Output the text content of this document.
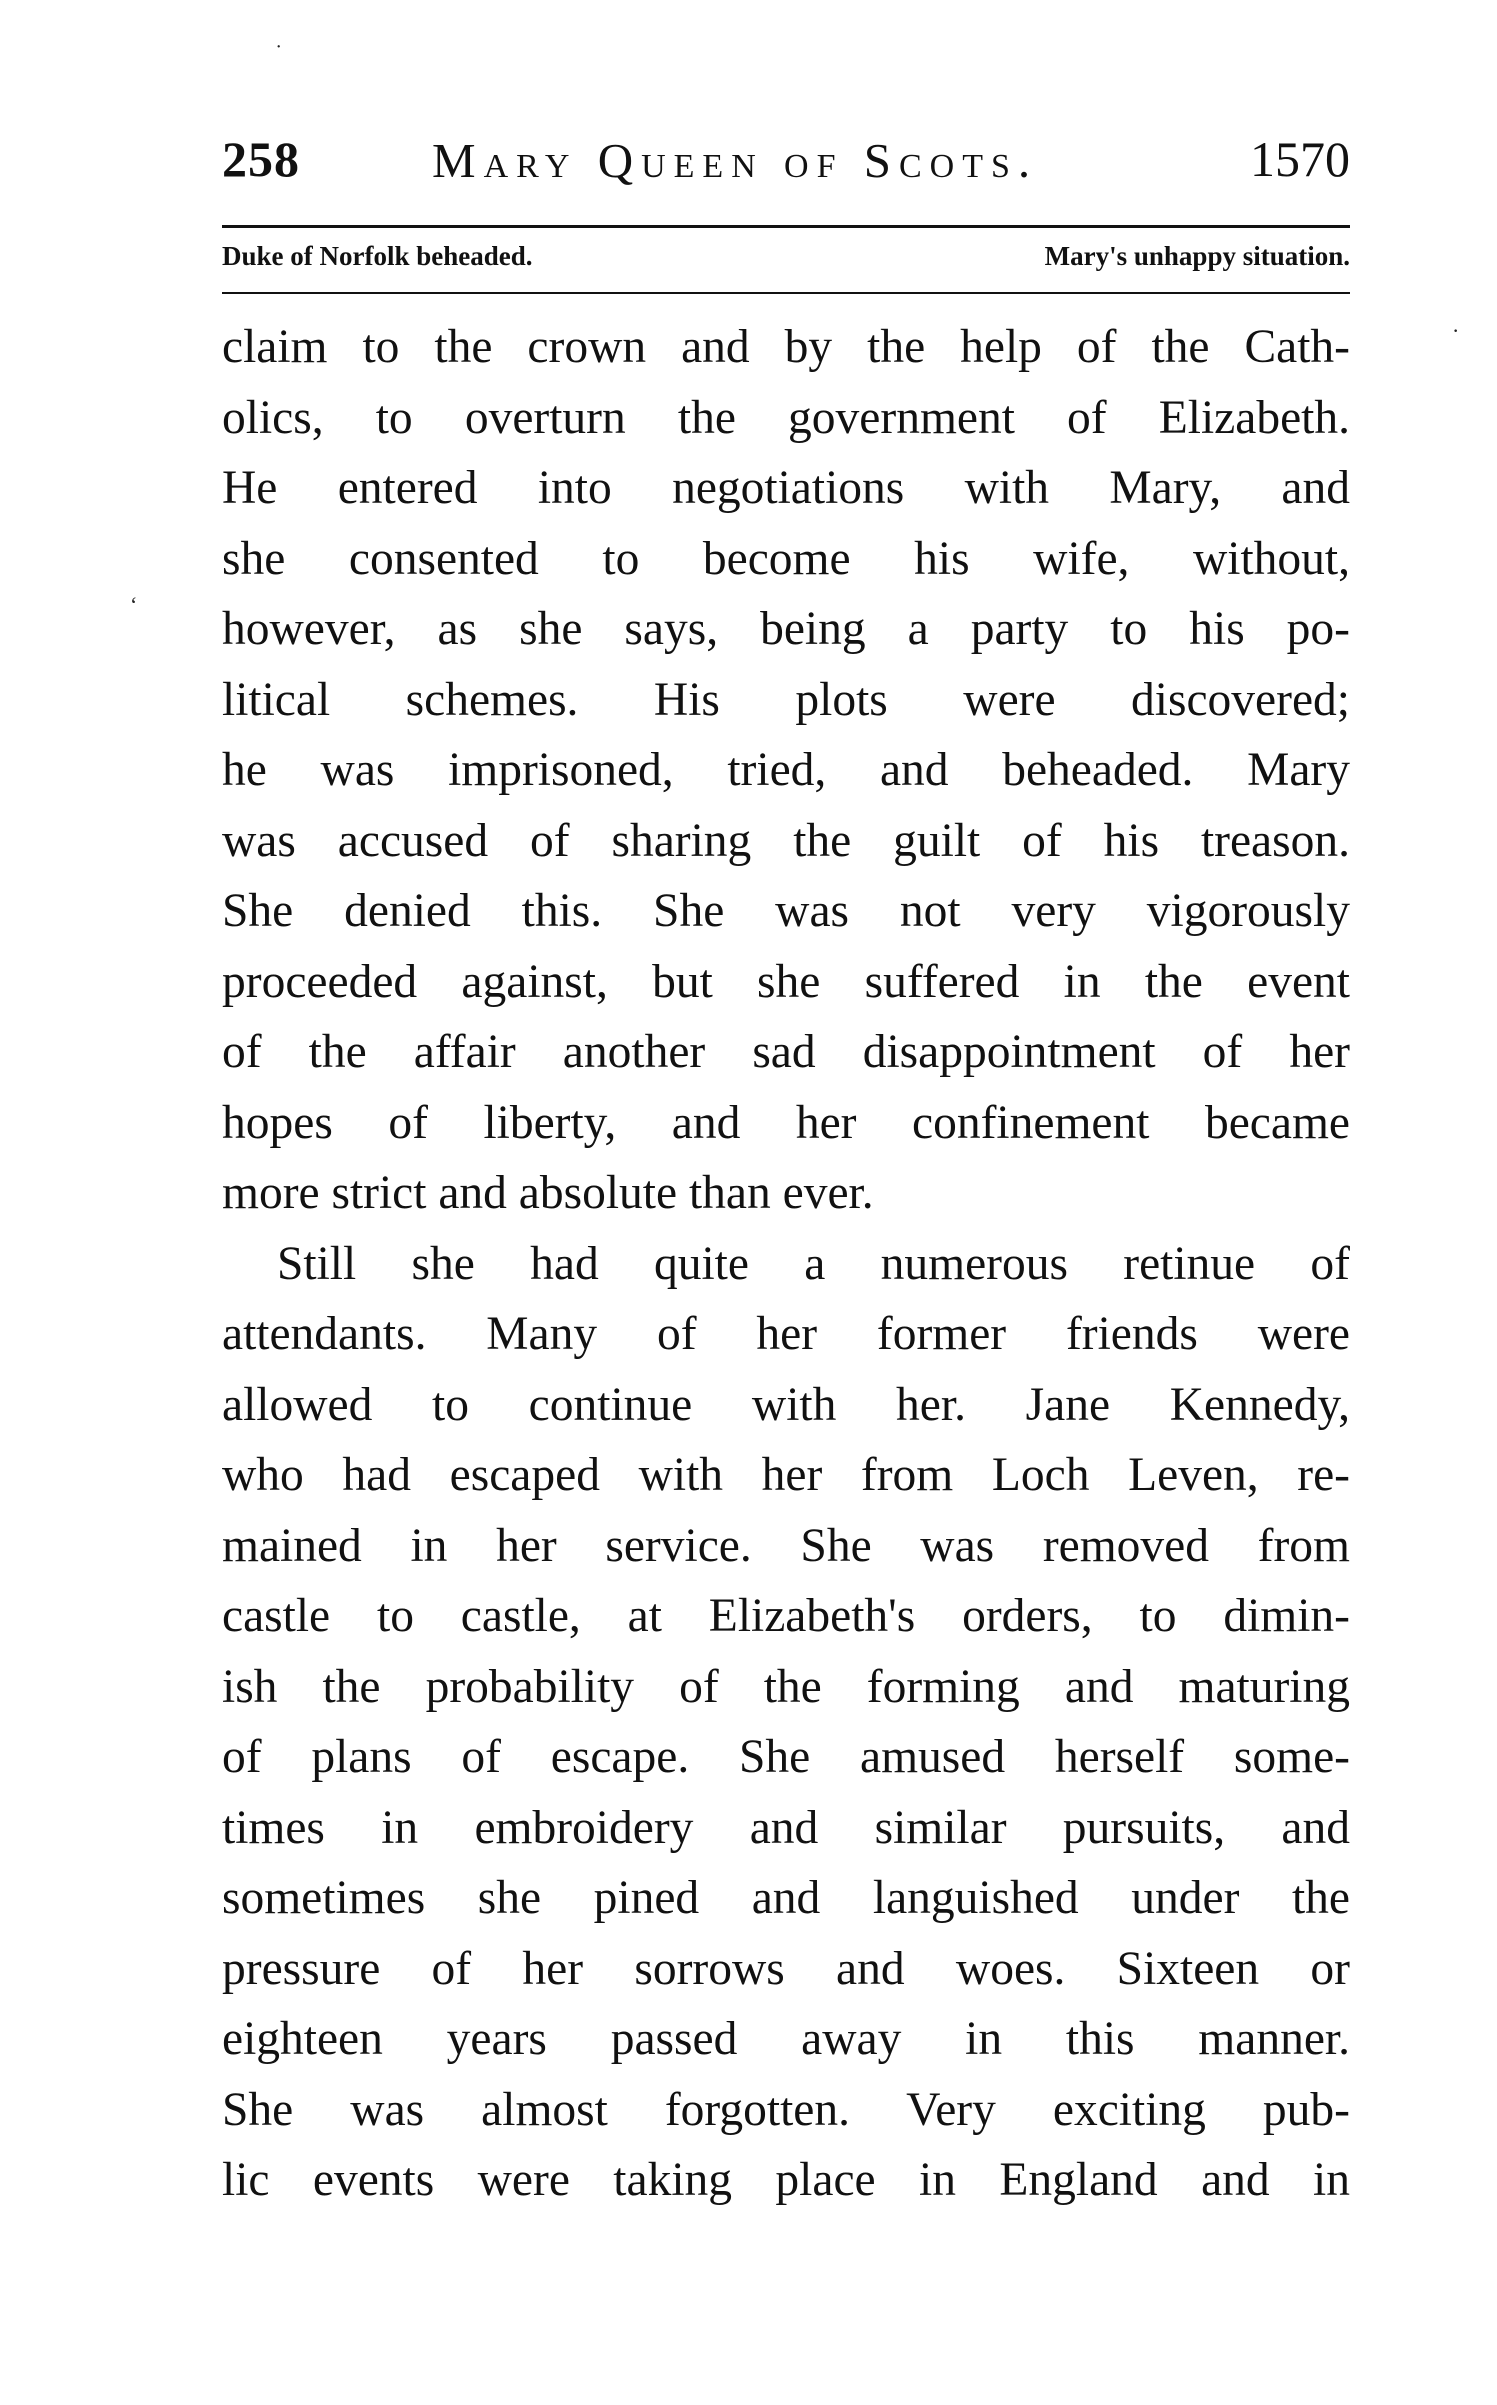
˙
·
‘
258	Mary Queen of Scots.	1570
Duke of Norfolk beheaded.	Mary's unhappy situation.
claim to the crown and by the help of the Cath-
olics, to overturn the government of Elizabeth.
He entered into negotiations with Mary, and
she consented to become his wife, without,
however, as she says, being a party to his po-
litical schemes. His plots were discovered;
he was imprisoned, tried, and beheaded. Mary
was accused of sharing the guilt of his treason.
She denied this. She was not very vigorously
proceeded against, but she suffered in the event
of the affair another sad disappointment of her
hopes of liberty, and her confinement became
more strict and absolute than ever.
Still she had quite a numerous retinue of
attendants. Many of her former friends were
allowed to continue with her. Jane Kennedy,
who had escaped with her from Loch Leven, re-
mained in her service. She was removed from
castle to castle, at Elizabeth's orders, to dimin-
ish the probability of the forming and maturing
of plans of escape. She amused herself some-
times in embroidery and similar pursuits, and
sometimes she pined and languished under the
pressure of her sorrows and woes. Sixteen or
eighteen years passed away in this manner.
She was almost forgotten. Very exciting pub-
lic events were taking place in England and in
